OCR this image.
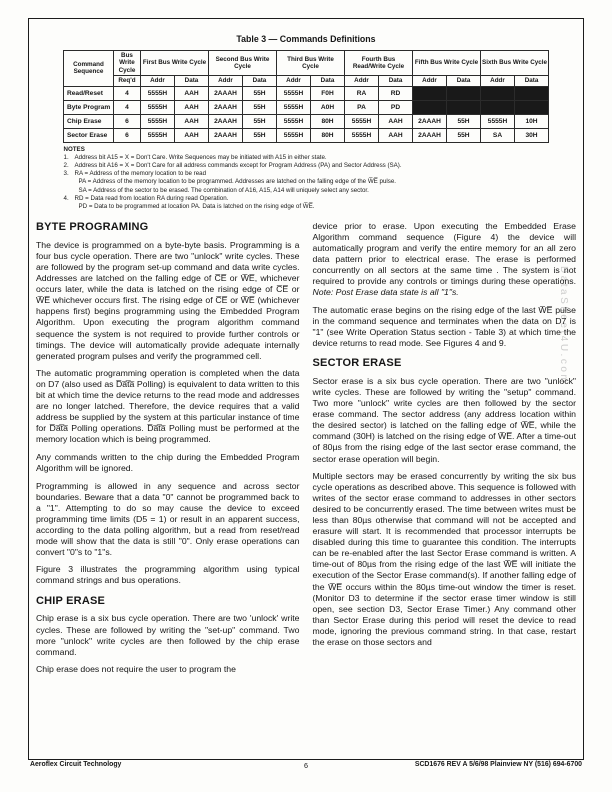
DataSheet4U.com
Table 3 — Commands Definitions
Command Sequence	Bus Write Cycle	First Bus Write Cycle		Second Bus Write Cycle		Third Bus Write Cycle		Fourth Bus Read/Write Cycle		Fifth Bus Write Cycle		Sixth Bus Write Cycle	
	Req'd	Addr	Data	Addr	Data	Addr	Data	Addr	Data	Addr	Data	Addr	Data
Read/Reset	4	5555H	AAH	2AAAH	55H	5555H	F0H	RA	RD				
Byte Program	4	5555H	AAH	2AAAH	55H	5555H	A0H	PA	PD				
Chip Erase	6	5555H	AAH	2AAAH	55H	5555H	80H	5555H	AAH	2AAAH	55H	5555H	10H
Sector Erase	6	5555H	AAH	2AAAH	55H	5555H	80H	5555H	AAH	2AAAH	55H	SA	30H
NOTES
1. Address bit A15 = X = Don't Care. Write Sequences may be initiated with A15 in either state.
2. Address bit A16 = X = Don't Care for all address commands except for Program Address (PA) and Sector Address (SA).
3. RA = Address of the memory location to be read
PA = Address of the memory location to be programmed. Addresses are latched on the falling edge of the W̅E̅ pulse.
SA = Address of the sector to be erased. The combination of A16, A15, A14 will uniquely select any sector.
4. RD = Data read from location RA during read Operation.
PD = Data to be programmed at location PA. Data is latched on the rising edge of W̅E̅.
BYTE PROGRAMING

The device is programmed on a byte-byte basis. Programming is a four bus cycle operation. There are two "unlock" write cycles. These are followed by the program set-up command and data write cycles. Addresses are latched on the falling edge of C̅E̅ or W̅E̅, whichever occurs later, while the data is latched on the rising edge of C̅E̅ or W̅E̅ whichever occurs first. The rising edge of C̅E̅ or W̅E̅ (whichever happens first) begins programming using the Embedded Program Algorithm. Upon executing the program algorithm command sequence the system is not required to provide further controls or timings. The device will automatically provide adequate internally generated program pulses and verify the programmed cell.

The automatic programming operation is completed when the data on D7 (also used as D̅a̅t̅a̅ Polling) is equivalent to data written to this bit at which time the device returns to the read mode and addresses are no longer latched. Therefore, the device requires that a valid address be supplied by the system at this particular instance of time for D̅a̅t̅a̅ Polling operations. D̅a̅t̅a̅ Polling must be performed at the memory location which is being programmed.

Any commands written to the chip during the Embedded Program Algorithm will be ignored.

Programming is allowed in any sequence and across sector boundaries. Beware that a data "0" cannot be programmed back to a "1". Attempting to do so may cause the device to exceed programming time limits (D5 = 1) or result in an apparent success, according to the data polling algorithm, but a read from reset/read mode will show that the data is still "0". Only erase operations can convert "0"s to "1"s.

Figure 3 illustrates the programming algorithm using typical command strings and bus operations.

CHIP ERASE

Chip erase is a six bus cycle operation. There are two 'unlock' write cycles. These are followed by writing the "set-up" command. Two more "unlock" write cycles are then followed by the chip erase command.

Chip erase does not require the user to program the

device prior to erase. Upon executing the Embedded Erase Algorithm command sequence (Figure 4) the device will automatically program and verify the entire memory for an all zero data pattern prior to electrical erase. The erase is performed concurrently on all sectors at the same time . The system is not required to provide any controls or timings during these operations. Note: Post Erase data state is all "1"s.

The automatic erase begins on the rising edge of the last W̅E̅ pulse in the command sequence and terminates when the data on D7 is "1" (see Write Operation Status section - Table 3) at which time the device returns to read mode. See Figures 4 and 9.

SECTOR ERASE

Sector erase is a six bus cycle operation. There are two "unlock" write cycles. These are followed by writing the "setup" command. Two more "unlock" write cycles are then followed by the sector erase command. The sector address (any address location within the desired sector) is latched on the falling edge of W̅E̅, while the command (30H) is latched on the rising edge of W̅E̅. After a time-out of 80µs from the rising edge of the last sector erase command, the sector erase operation will begin.

Multiple sectors may be erased concurrently by writing the six bus cycle operations as described above. This sequence is followed with writes of the sector erase command to addresses in other sectors desired to be concurrently erased. The time between writes must be less than 80µs otherwise that command will not be accepted and erasure will start. It is recommended that processor interrupts be disabled during this time to guarantee this condition. The interrupts can be re-enabled after the last Sector Erase command is written. A time-out of 80µs from the rising edge of the last W̅E̅ will initiate the execution of the Sector Erase command(s). If another falling edge of the W̅E̅ occurs within the 80µs time-out window the timer is reset. (Monitor D3 to determine if the sector erase timer window is still open, see section D3, Sector Erase Timer.) Any command other than Sector Erase during this period will reset the device to read mode, ignoring the previous command string. In that case, restart the erase on those sectors and

Aeroflex Circuit Technology	6	SCD1676 REV A 5/6/98 Plainview NY (516) 694-6700
